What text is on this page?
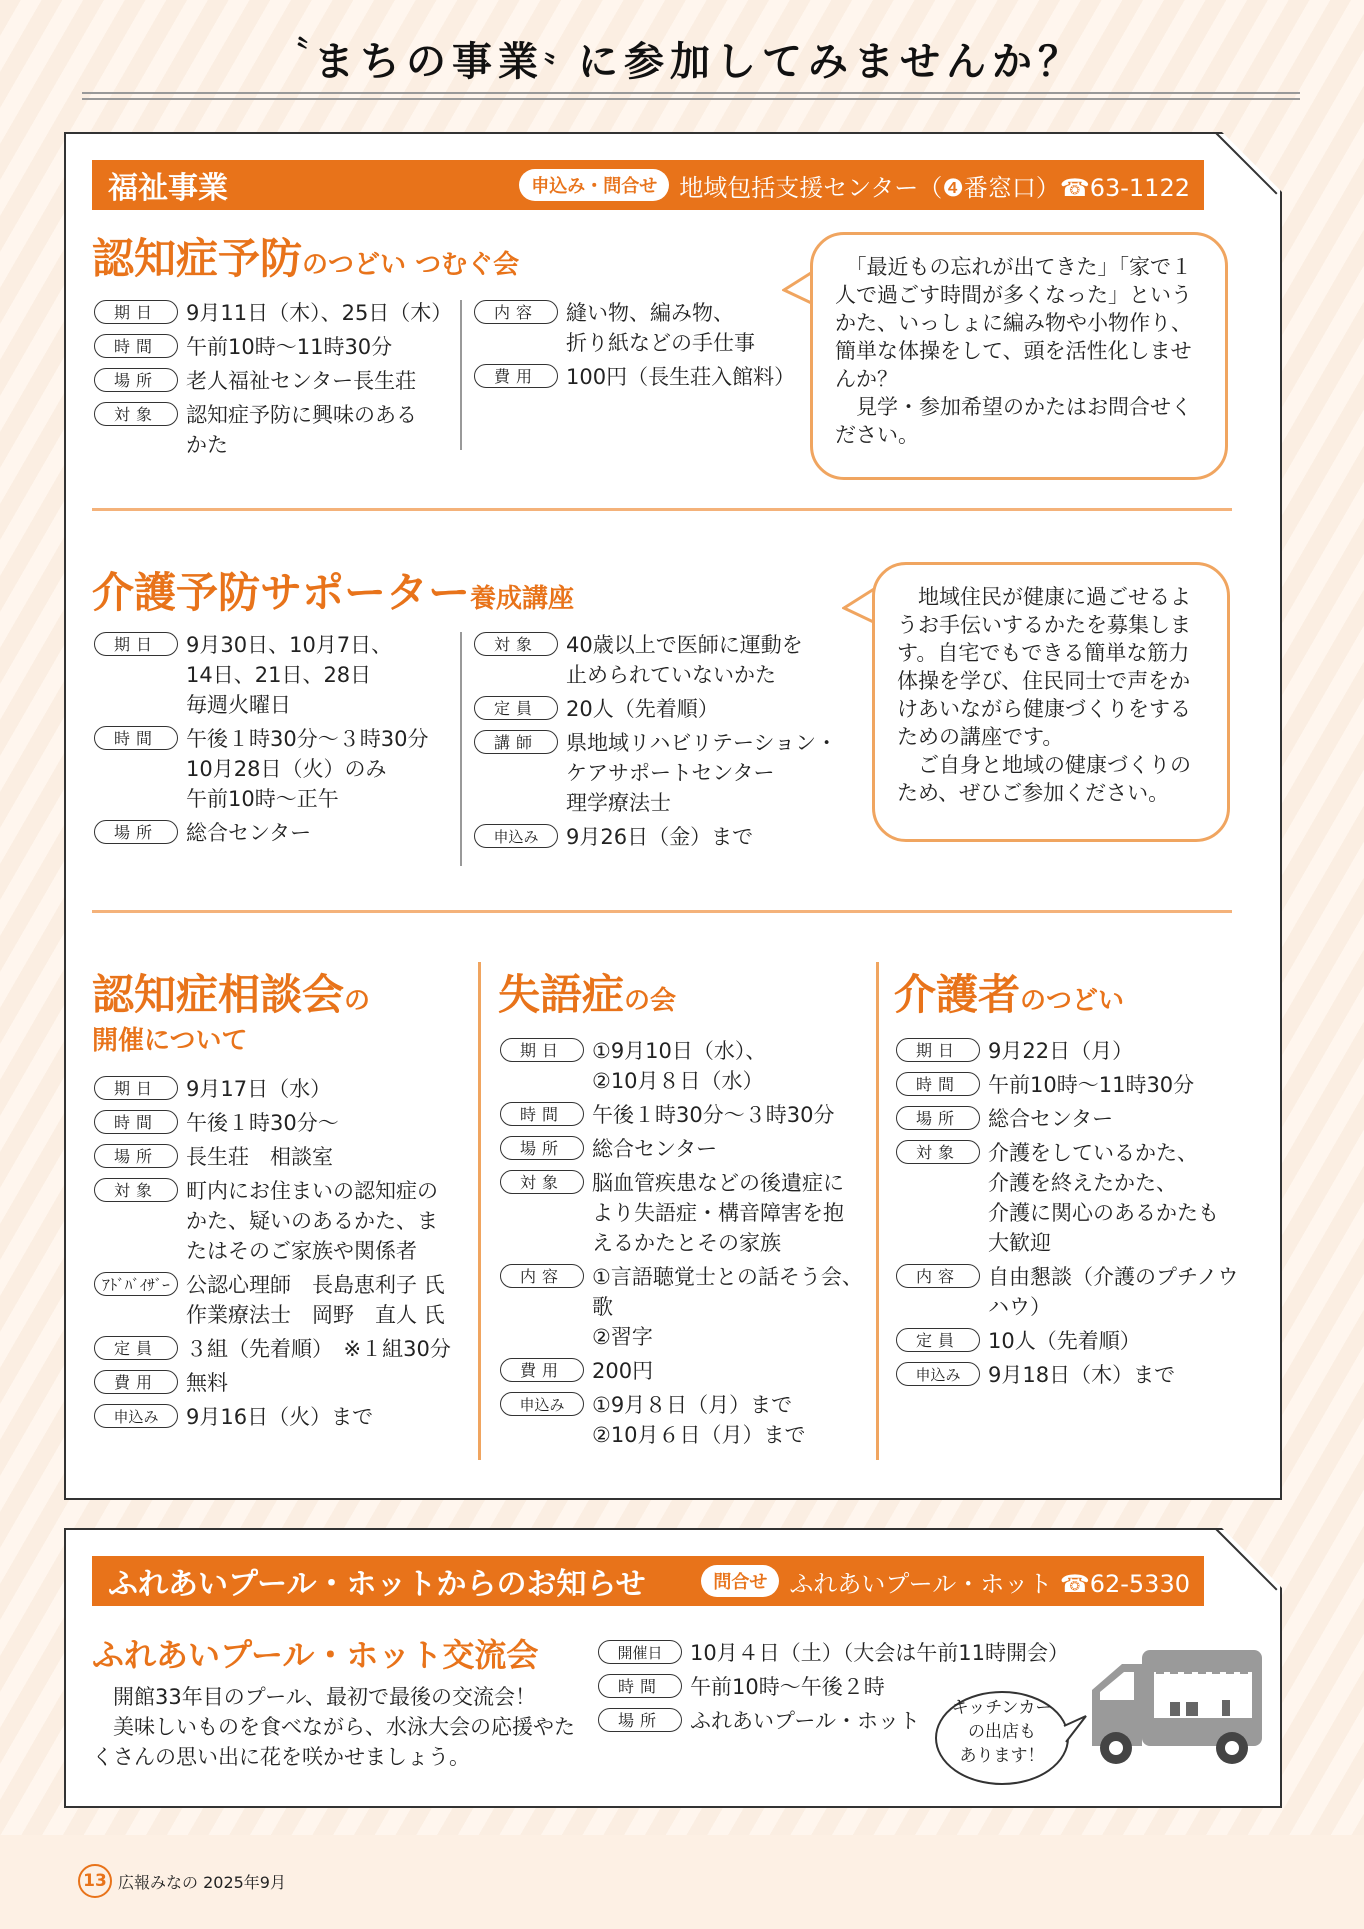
〝まちの事業〟に参加してみませんか？
福祉事業	申込み・問合せ 地域包括支援センター（❹番窓口）☎63-1122
認知症予防のつどい つむぐ会
期日	9月11日（木）、25日（木）
時間	午前10時～11時30分
場所	老人福祉センター長生荘
対象	認知症予防に興味のある
かた
内容	縫い物、編み物、
折り紙などの手仕事
費用	100円（長生荘入館料）
　「最近もの忘れが出てきた」「家で１人で過ごす時間が多くなった」というかた、いっしょに編み物や小物作り、簡単な体操をして、頭を活性化しませんか？
　見学・参加希望のかたはお問合せください。
介護予防サポーター養成講座
期日	9月30日、10月7日、
14日、21日、28日
毎週火曜日
時間	午後１時30分～３時30分
10月28日（火）のみ
午前10時～正午
場所	総合センター
対象	40歳以上で医師に運動を
止められていないかた
定員	20人（先着順）
講師	県地域リハビリテーション・
ケアサポートセンター
理学療法士
申込み	9月26日（金）まで
　地域住民が健康に過ごせるようお手伝いするかたを募集します。自宅でもできる簡単な筋力体操を学び、住民同士で声をかけあいながら健康づくりをするための講座です。
　ご自身と地域の健康づくりのため、ぜひご参加ください。
認知症相談会の
開催について
期日	9月17日（水）
時間	午後１時30分～
場所	長生荘　相談室
対象	町内にお住まいの認知症の
かた、疑いのあるかた、ま
たはそのご家族や関係者
ｱﾄﾞﾊﾞｲｻﾞｰ 公認心理師　長島恵利子 氏
作業療法士　岡野　直人 氏
定員	３組（先着順）　※１組30分
費用	無料
申込み	9月16日（火）まで
失語症の会
期日	①9月10日（水）、
②10月８日（水）
時間	午後１時30分～３時30分
場所	総合センター
対象	脳血管疾患などの後遺症に
より失語症・構音障害を抱
えるかたとその家族
内容	①言語聴覚士との話そう会、歌
②習字
費用	200円
申込み	①9月８日（月）まで
②10月６日（月）まで
介護者のつどい
期日	9月22日（月）
時間	午前10時～11時30分
場所	総合センター
対象	介護をしているかた、
介護を終えたかた、
介護に関心のあるかたも
大歓迎
内容	自由懇談（介護のプチノウ
ハウ）
定員	10人（先着順）
申込み	9月18日（木）まで
ふれあいプール・ホットからのお知らせ	問合せ ふれあいプール・ホット ☎62-5330
ふれあいプール・ホット交流会
　開館33年目のプール、最初で最後の交流会！
　美味しいものを食べながら、水泳大会の応援やたくさんの思い出に花を咲かせましょう。
開催日	10月４日（土）（大会は午前11時開会）
時間	午前10時～午後２時
場所	ふれあいプール・ホット
キッチンカー
の出店も
あります！
13 広報みなの 2025年9月
